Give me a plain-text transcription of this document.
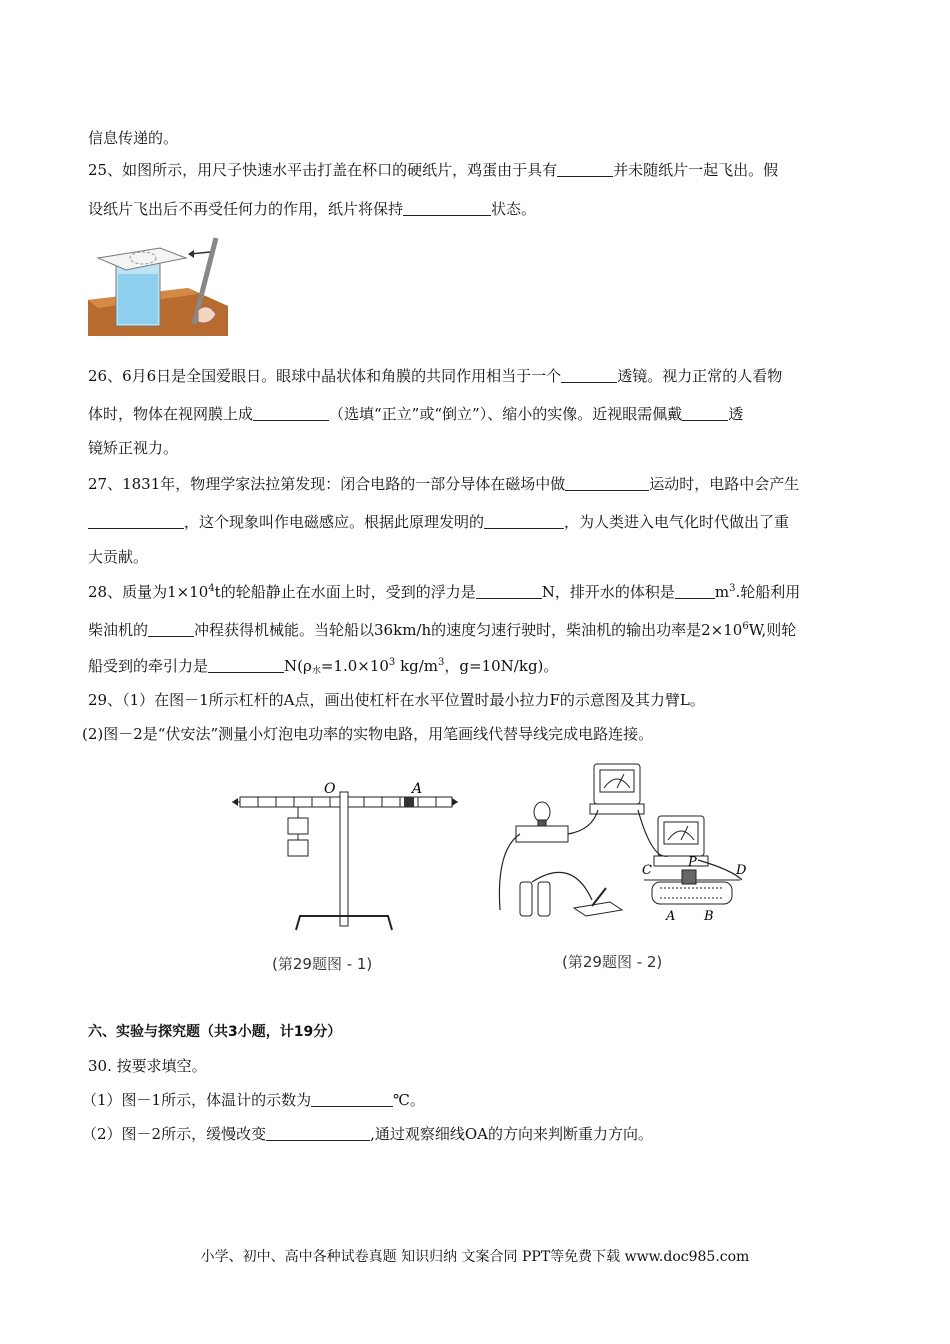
信息传递的。
25、如图所示，用尺子快速水平击打盖在杯口的硬纸片，鸡蛋由于具有	并未随纸片一起飞出。假
设纸片飞出后不再受任何力的作用，纸片将保持	状态。
26、6月6日是全国爱眼日。眼球中晶状体和角膜的共同作用相当于一个	透镜。视力正常的人看物
体时，物体在视网膜上成	（选填“正立”或“倒立”）、缩小的实像。近视眼需佩戴	透
镜矫正视力。
27、1831年，物理学家法拉第发现：闭合电路的一部分导体在磁场中做	运动时，电路中会产生
，这个现象叫作电磁感应。根据此原理发明的	，为人类进入电气化时代做出了重
大贡献。
28、质量为$1\times 10^4t$的轮船静止在水面上时，受到的浮力是	N，排开水的体积是	$m^3$.轮船利用
柴油机的	冲程获得机械能。当轮船以36km/h的速度匀速行驶时，柴油机的输出功率是$2\times 10^6W$,则轮
船受到的牵引力是	$N(\rho_水=1.0\times 10^3$ $kg/m^3$，g=10N/kg)。
29、（1）在图－1所示杠杆的A点，画出使杠杆在水平位置时最小拉力F的示意图及其力臂L。
(2)图－2是“伏安法”测量小灯泡电功率的实物电路，用笔画线代替导线完成电路连接。
O	A
(第29题图 - 1)
C
P
D
A B
(第29题图 - 2)
六、实验与探究题（共3小题，计19分）
30. 按要求填空。
（1）图－1所示，体温计的示数为	℃。
（2）图－2所示，缓慢改变	,通过观察细线OA的方向来判断重力方向。
小学、初中、高中各种试卷真题 知识归纳 文案合同 PPT等免费下载 www.doc985.com
